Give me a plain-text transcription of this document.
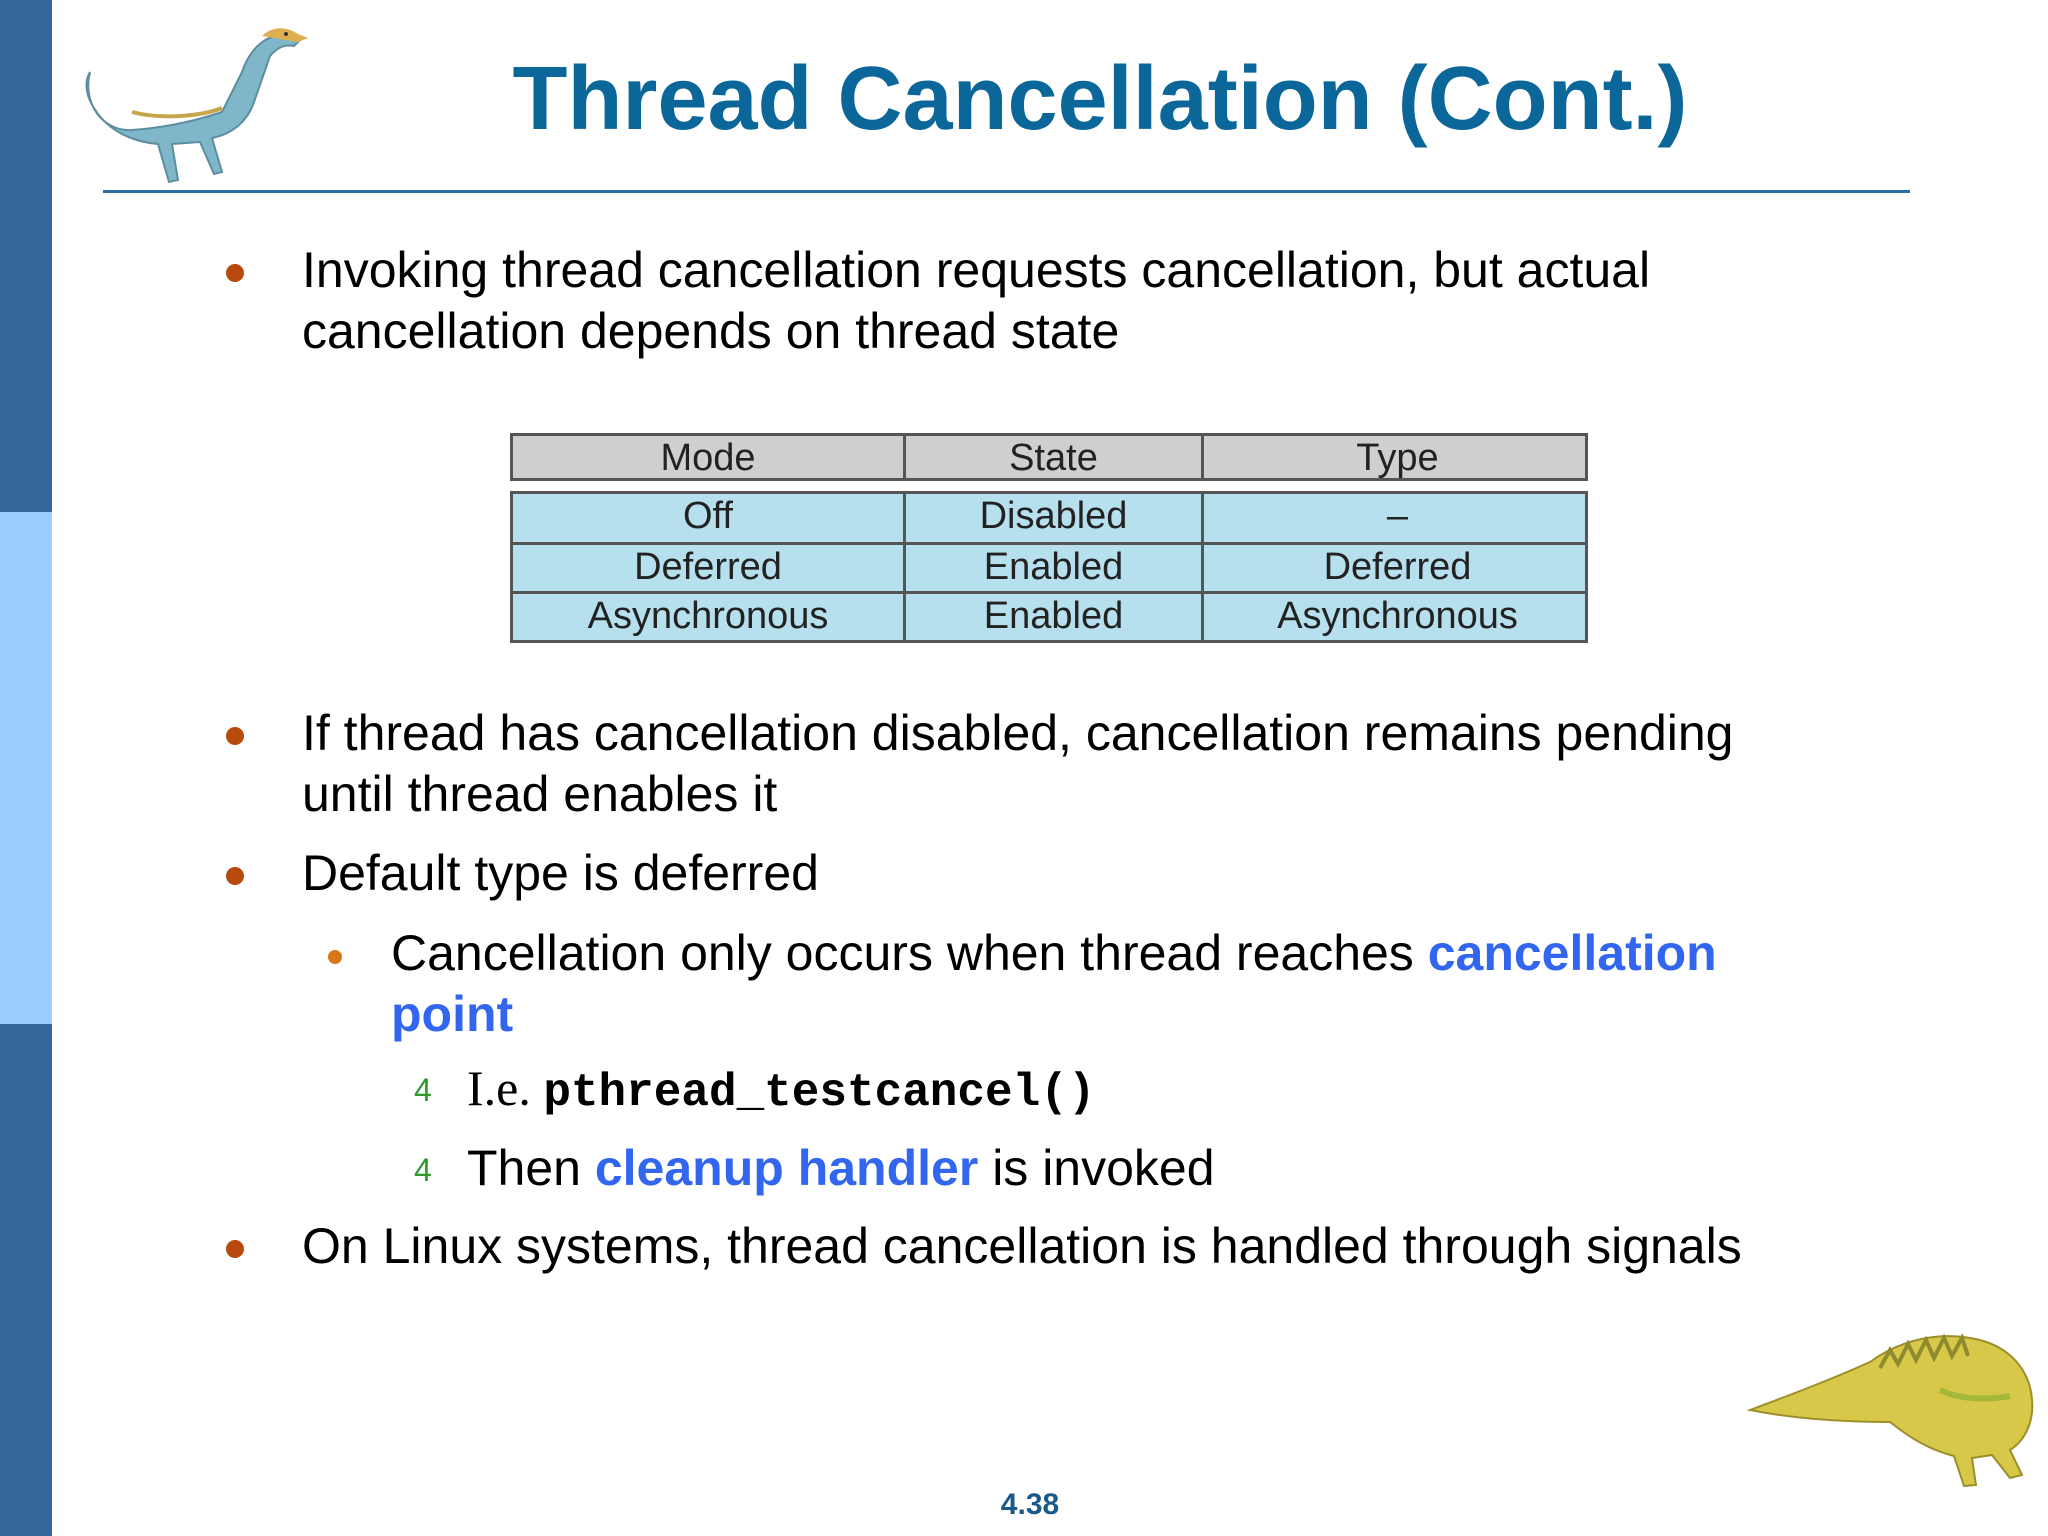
Thread Cancellation (Cont.)
Invoking thread cancellation requests cancellation, but actual
cancellation depends on thread state
Mode	State	Type
Off	Disabled	–
Deferred	Enabled	Deferred
Asynchronous	Enabled	Asynchronous
If thread has cancellation disabled, cancellation remains pending
until thread enables it
Default type is deferred
Cancellation only occurs when thread reaches cancellation
point
4 I.e. pthread_testcancel()
4 Then cleanup handler is invoked
On Linux systems, thread cancellation is handled through signals
4.38
